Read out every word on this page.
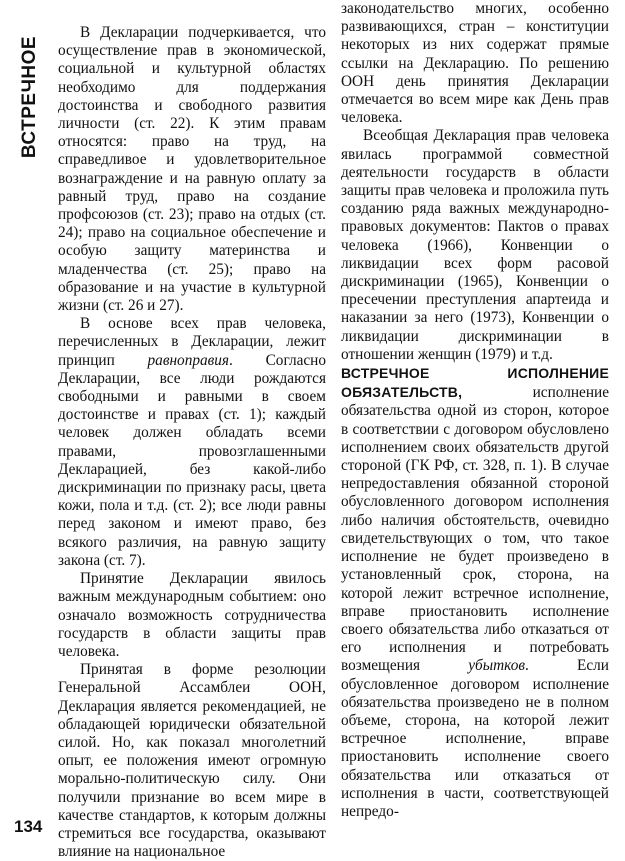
ВСТРЕЧНОЕ

В Декларации подчеркивается, что осуществление прав в экономической, социальной и культурной областях необходимо для поддержания достоинства и свободного развития личности (ст. 22). К этим правам относятся: право на труд, на справедливое и удовлетворительное вознаграждение и на равную оплату за равный труд, право на создание профсоюзов (ст. 23); право на отдых (ст. 24); право на социальное обеспечение и особую защиту материнства и младенчества (ст. 25); право на образование и на участие в культурной жизни (ст. 26 и 27).

В основе всех прав человека, перечисленных в Декларации, лежит принцип равноправия. Согласно Декларации, все люди рождаются свободными и равными в своем достоинстве и правах (ст. 1); каждый человек должен обладать всеми правами, провозглашенными Декларацией, без какой-либо дискриминации по признаку расы, цвета кожи, пола и т.д. (ст. 2); все люди равны перед законом и имеют право, без всякого различия, на равную защиту закона (ст. 7).

Принятие Декларации явилось важным международным событием: оно означало возможность сотрудничества государств в области защиты прав человека.

Принятая в форме резолюции Генеральной Ассамблеи ООН, Декларация является рекомендацией, не обладающей юридически обязательной силой. Но, как показал многолетний опыт, ее положения имеют огромную морально-политическую силу. Они получили признание во всем мире в качестве стандартов, к которым должны стремиться все государства, оказывают влияние на национальное

законодательство многих, особенно развивающихся, стран – конституции некоторых из них содержат прямые ссылки на Декларацию. По решению ООН день принятия Декларации отмечается во всем мире как День прав человека.

Всеобщая Декларация прав человека явилась программой совместной деятельности государств в области защиты прав человека и проложила путь созданию ряда важных международно-правовых документов: Пактов о правах человека (1966), Конвенции о ликвидации всех форм расовой дискриминации (1965), Конвенции о пресечении преступления апартеида и наказании за него (1973), Конвенции о ликвидации дискриминации в отношении женщин (1979) и т.д.

ВСТРЕЧНОЕ ИСПОЛНЕНИЕ ОБЯЗАТЕЛЬСТВ, исполнение обязательства одной из сторон, которое в соответствии с договором обусловлено исполнением своих обязательств другой стороной (ГК РФ, ст. 328, п. 1). В случае непредоставления обязанной стороной обусловленного договором исполнения либо наличия обстоятельств, очевидно свидетельствующих о том, что такое исполнение не будет произведено в установленный срок, сторона, на которой лежит встречное исполнение, вправе приостановить исполнение своего обязательства либо отказаться от его исполнения и потребовать возмещения убытков. Если обусловленное договором исполнение обязательства произведено не в полном объеме, сторона, на которой лежит встречное исполнение, вправе приостановить исполнение своего обязательства или отказаться от исполнения в части, соответствующей непредо-

134
